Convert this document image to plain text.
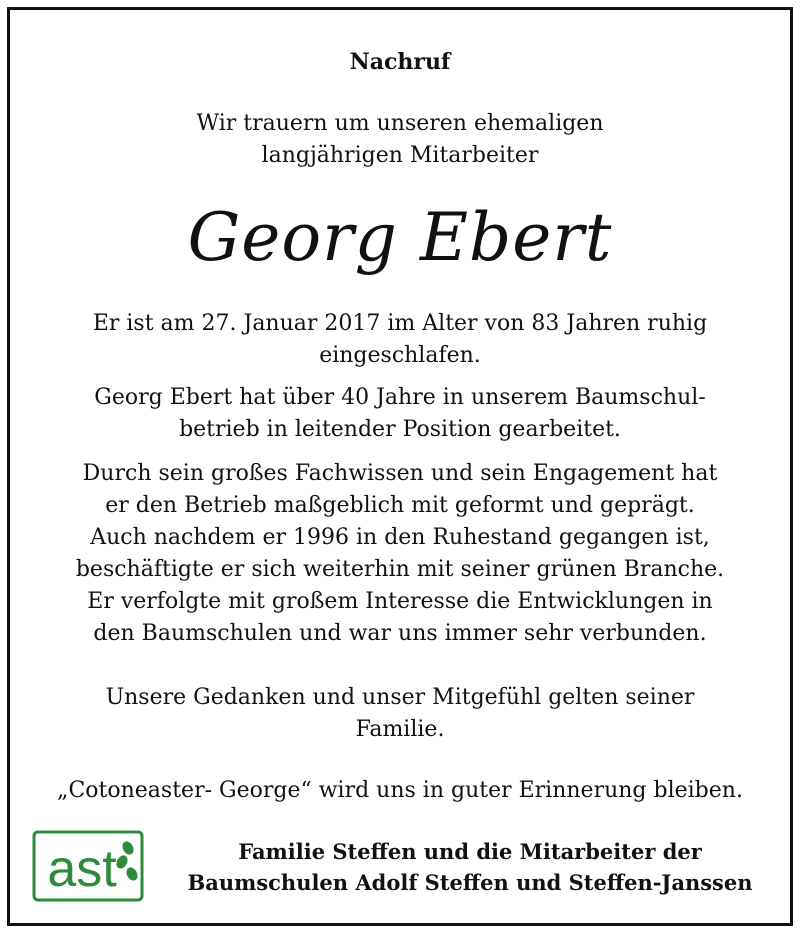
Nachruf
Wir trauern um unseren ehemaligen
langjährigen Mitarbeiter
Georg Ebert
Er ist am 27. Januar 2017 im Alter von 83 Jahren ruhig
eingeschlafen.
Georg Ebert hat über 40 Jahre in unserem Baumschul-
betrieb in leitender Position gearbeitet.
Durch sein großes Fachwissen und sein Engagement hat
er den Betrieb maßgeblich mit geformt und geprägt.
Auch nachdem er 1996 in den Ruhestand gegangen ist,
beschäftigte er sich weiterhin mit seiner grünen Branche.
Er verfolgte mit großem Interesse die Entwicklungen in
den Baumschulen und war uns immer sehr verbunden.
Unsere Gedanken und unser Mitgefühl gelten seiner
Familie.
„Cotoneaster- George“ wird uns in guter Erinnerung bleiben.
ast	Familie Steffen und die Mitarbeiter der
Baumschulen Adolf Steffen und Steffen-Janssen
